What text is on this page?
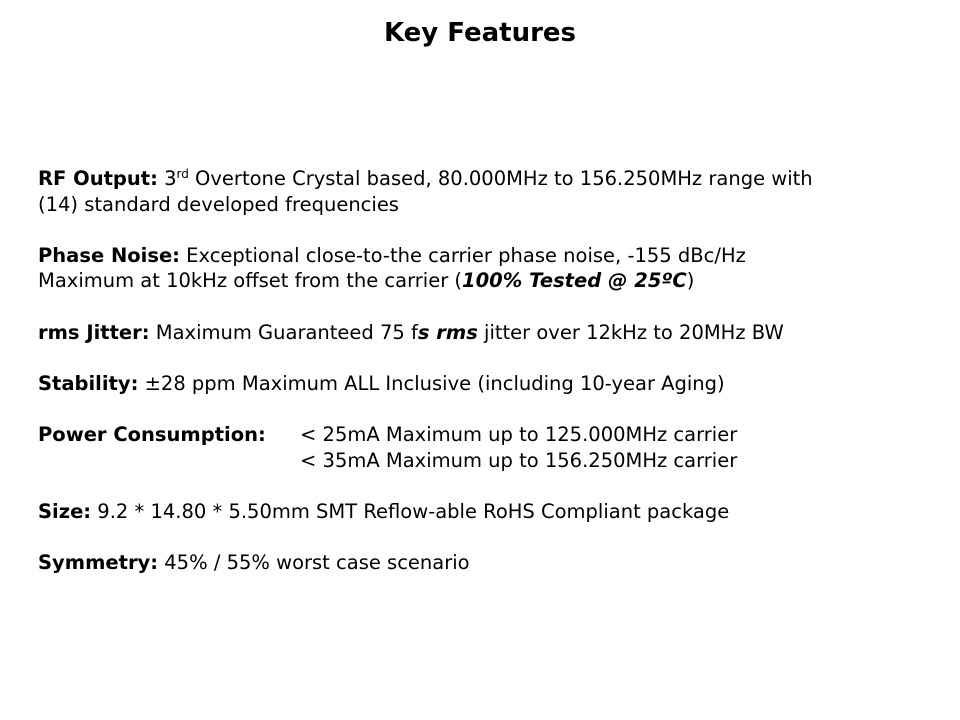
Key Features
RF Output: 3rd Overtone Crystal based, 80.000MHz to 156.250MHz range with
(14) standard developed frequencies
Phase Noise: Exceptional close-to-the carrier phase noise, -155 dBc/Hz
Maximum at 10kHz offset from the carrier (100% Tested @ 25ºC)
rms Jitter: Maximum Guaranteed 75 fs rms jitter over 12kHz to 20MHz BW
Stability: ±28 ppm Maximum ALL Inclusive (including 10-year Aging)
Power Consumption:	< 25mA Maximum up to 125.000MHz carrier
< 35mA Maximum up to 156.250MHz carrier
Size: 9.2 * 14.80 * 5.50mm SMT Reflow-able RoHS Compliant package
Symmetry: 45% / 55% worst case scenario
